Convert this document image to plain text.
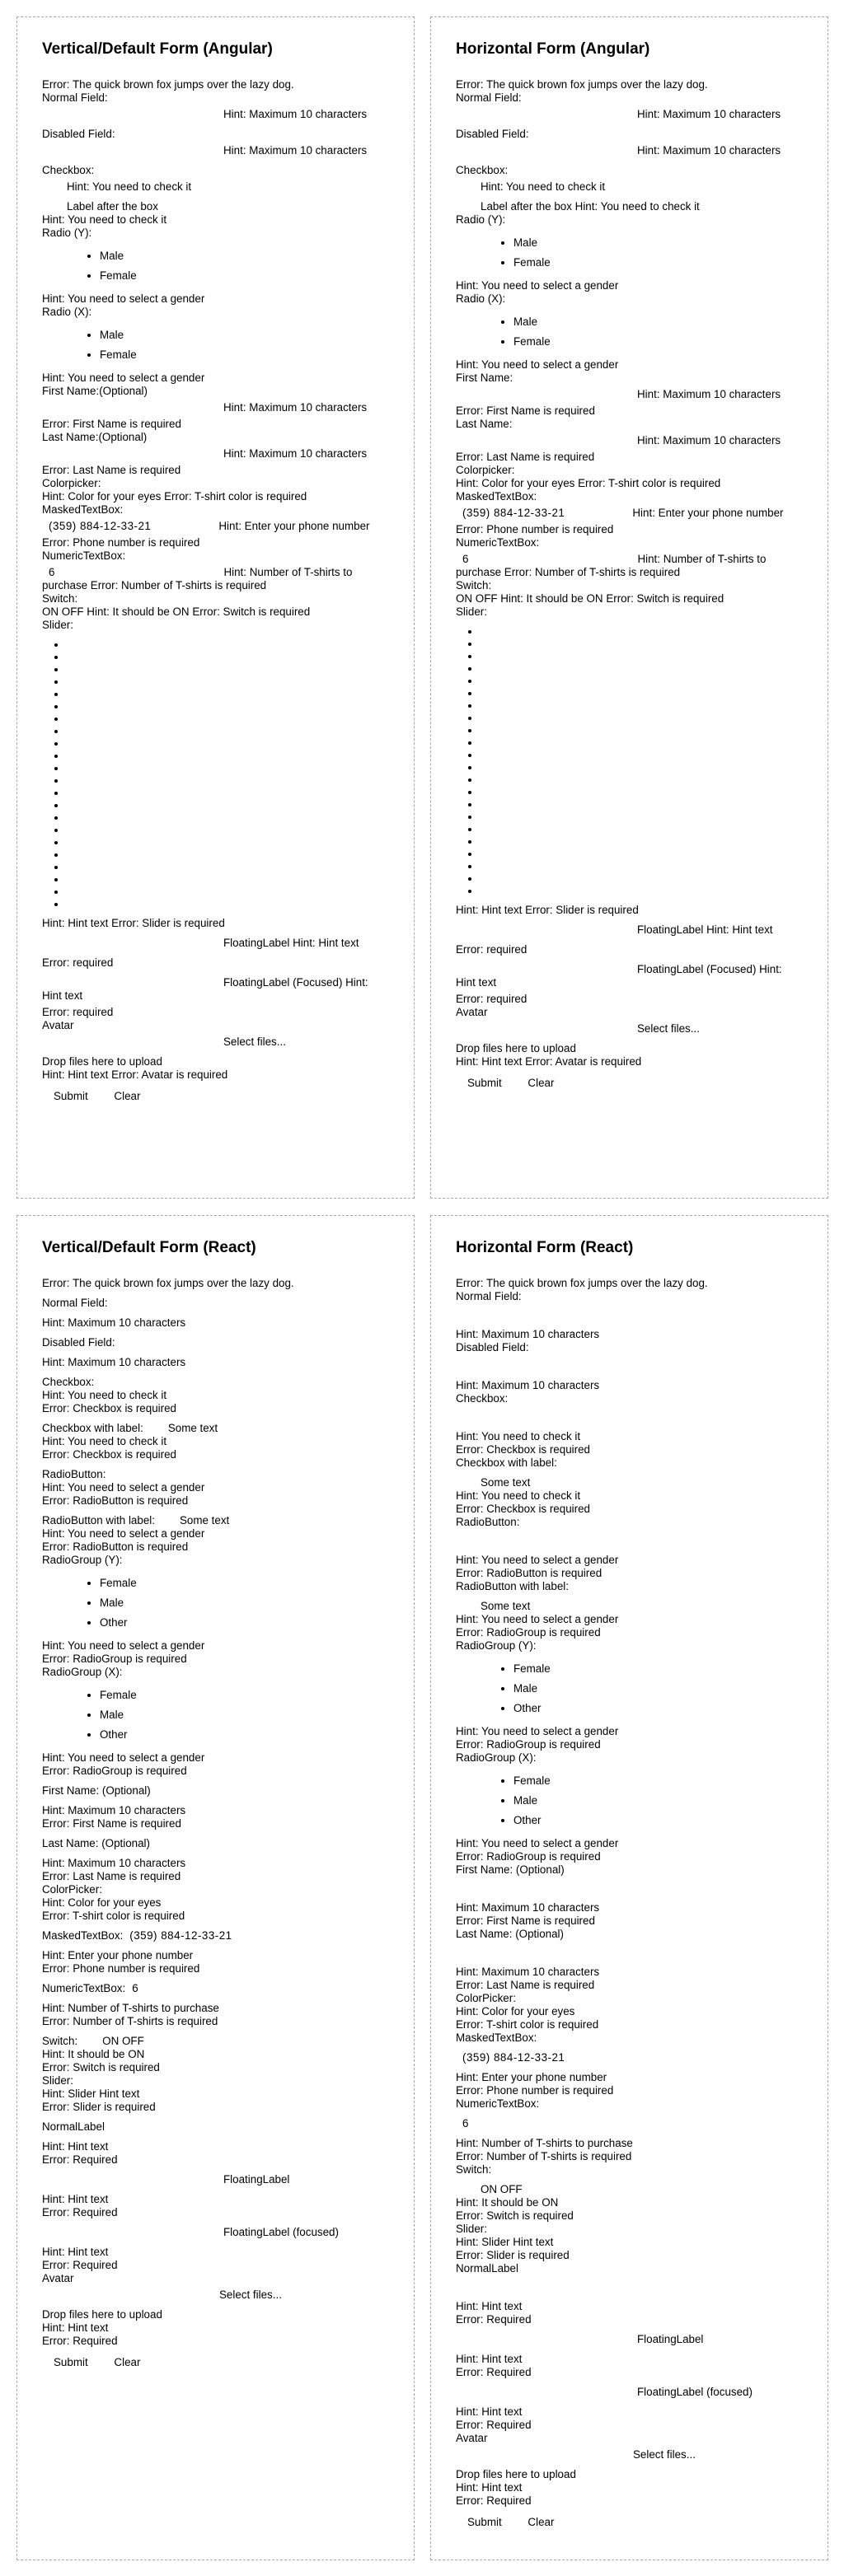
Vertical/Default Form (Angular)
Error: The quick brown fox jumps over the lazy dog.
Normal Field:
Hint: Maximum 10 characters
Disabled Field:
Hint: Maximum 10 characters
Checkbox:
Hint: You need to check it
Label after the box
Hint: You need to check it
Radio (Y):
• Male
• Female
Hint: You need to select a gender
Radio (X):
• Male
• Female
Hint: You need to select a gender
First Name:(Optional)
Hint: Maximum 10 characters
Error: First Name is required
Last Name:(Optional)
Hint: Maximum 10 characters
Error: Last Name is required
Colorpicker:
Hint: Color for your eyes Error: T-shirt color is required
MaskedTextBox:
(359) 884-12-33-21	Hint: Enter your phone number
Error: Phone number is required
NumericTextBox:
6	Hint: Number of T-shirts to
purchase Error: Number of T-shirts is required
Switch:
ON OFF Hint: It should be ON Error: Switch is required
Slider:
•
•
•
•
•
•
•
•
•
•
•
•
•
•
•
•
•
•
•
•
•
•
Hint: Hint text Error: Slider is required
FloatingLabel Hint: Hint text
Error: required
FloatingLabel (Focused) Hint:
Hint text
Error: required
Avatar
Select files...
Drop files here to upload
Hint: Hint text Error: Avatar is required
Submit Clear
Horizontal Form (Angular)
Error: The quick brown fox jumps over the lazy dog.
Normal Field:
Hint: Maximum 10 characters
Disabled Field:
Hint: Maximum 10 characters
Checkbox:
Hint: You need to check it
Label after the box Hint: You need to check it
Radio (Y):
• Male
• Female
Hint: You need to select a gender
Radio (X):
• Male
• Female
Hint: You need to select a gender
First Name:
Hint: Maximum 10 characters
Error: First Name is required
Last Name:
Hint: Maximum 10 characters
Error: Last Name is required
Colorpicker:
Hint: Color for your eyes Error: T-shirt color is required
MaskedTextBox:
(359) 884-12-33-21	Hint: Enter your phone number
Error: Phone number is required
NumericTextBox:
6	Hint: Number of T-shirts to
purchase Error: Number of T-shirts is required
Switch:
ON OFF Hint: It should be ON Error: Switch is required
Slider:
•
•
•
•
•
•
•
•
•
•
•
•
•
•
•
•
•
•
•
•
•
•
Hint: Hint text Error: Slider is required
FloatingLabel Hint: Hint text
Error: required
FloatingLabel (Focused) Hint:
Hint text
Error: required
Avatar
Select files...
Drop files here to upload
Hint: Hint text Error: Avatar is required
Submit Clear
Vertical/Default Form (React)
Error: The quick brown fox jumps over the lazy dog.
Normal Field:
Hint: Maximum 10 characters
Disabled Field:
Hint: Maximum 10 characters
Checkbox:
Hint: You need to check it
Error: Checkbox is required
Checkbox with label: Some text
Hint: You need to check it
Error: Checkbox is required
RadioButton:
Hint: You need to select a gender
Error: RadioButton is required
RadioButton with label: Some text
Hint: You need to select a gender
Error: RadioButton is required
RadioGroup (Y):
• Female
• Male
• Other
Hint: You need to select a gender
Error: RadioGroup is required
RadioGroup (X):
• Female
• Male
• Other
Hint: You need to select a gender
Error: RadioGroup is required
First Name: (Optional)
Hint: Maximum 10 characters
Error: First Name is required
Last Name: (Optional)
Hint: Maximum 10 characters
Error: Last Name is required
ColorPicker:
Hint: Color for your eyes
Error: T-shirt color is required
MaskedTextBox: (359) 884-12-33-21
Hint: Enter your phone number
Error: Phone number is required
NumericTextBox: 6
Hint: Number of T-shirts to purchase
Error: Number of T-shirts is required
Switch: ON OFF
Hint: It should be ON
Error: Switch is required
Slider:
Hint: Slider Hint text
Error: Slider is required
NormalLabel
Hint: Hint text
Error: Required
FloatingLabel
Hint: Hint text
Error: Required
FloatingLabel (focused)
Hint: Hint text
Error: Required
Avatar
Select files...
Drop files here to upload
Hint: Hint text
Error: Required
Submit Clear
Horizontal Form (React)
Error: The quick brown fox jumps over the lazy dog.
Normal Field:
Hint: Maximum 10 characters
Disabled Field:
Hint: Maximum 10 characters
Checkbox:
Hint: You need to check it
Error: Checkbox is required
Checkbox with label:
Some text
Hint: You need to check it
Error: Checkbox is required
RadioButton:
Hint: You need to select a gender
Error: RadioButton is required
RadioButton with label:
Some text
Hint: You need to select a gender
Error: RadioGroup is required
RadioGroup (Y):
• Female
• Male
• Other
Hint: You need to select a gender
Error: RadioGroup is required
RadioGroup (X):
• Female
• Male
• Other
Hint: You need to select a gender
Error: RadioGroup is required
First Name: (Optional)
Hint: Maximum 10 characters
Error: First Name is required
Last Name: (Optional)
Hint: Maximum 10 characters
Error: Last Name is required
ColorPicker:
Hint: Color for your eyes
Error: T-shirt color is required
MaskedTextBox:
(359) 884-12-33-21
Hint: Enter your phone number
Error: Phone number is required
NumericTextBox:
6
Hint: Number of T-shirts to purchase
Error: Number of T-shirts is required
Switch:
ON OFF
Hint: It should be ON
Error: Switch is required
Slider:
Hint: Slider Hint text
Error: Slider is required
NormalLabel
Hint: Hint text
Error: Required
FloatingLabel
Hint: Hint text
Error: Required
FloatingLabel (focused)
Hint: Hint text
Error: Required
Avatar
Select files...
Drop files here to upload
Hint: Hint text
Error: Required
Submit Clear
